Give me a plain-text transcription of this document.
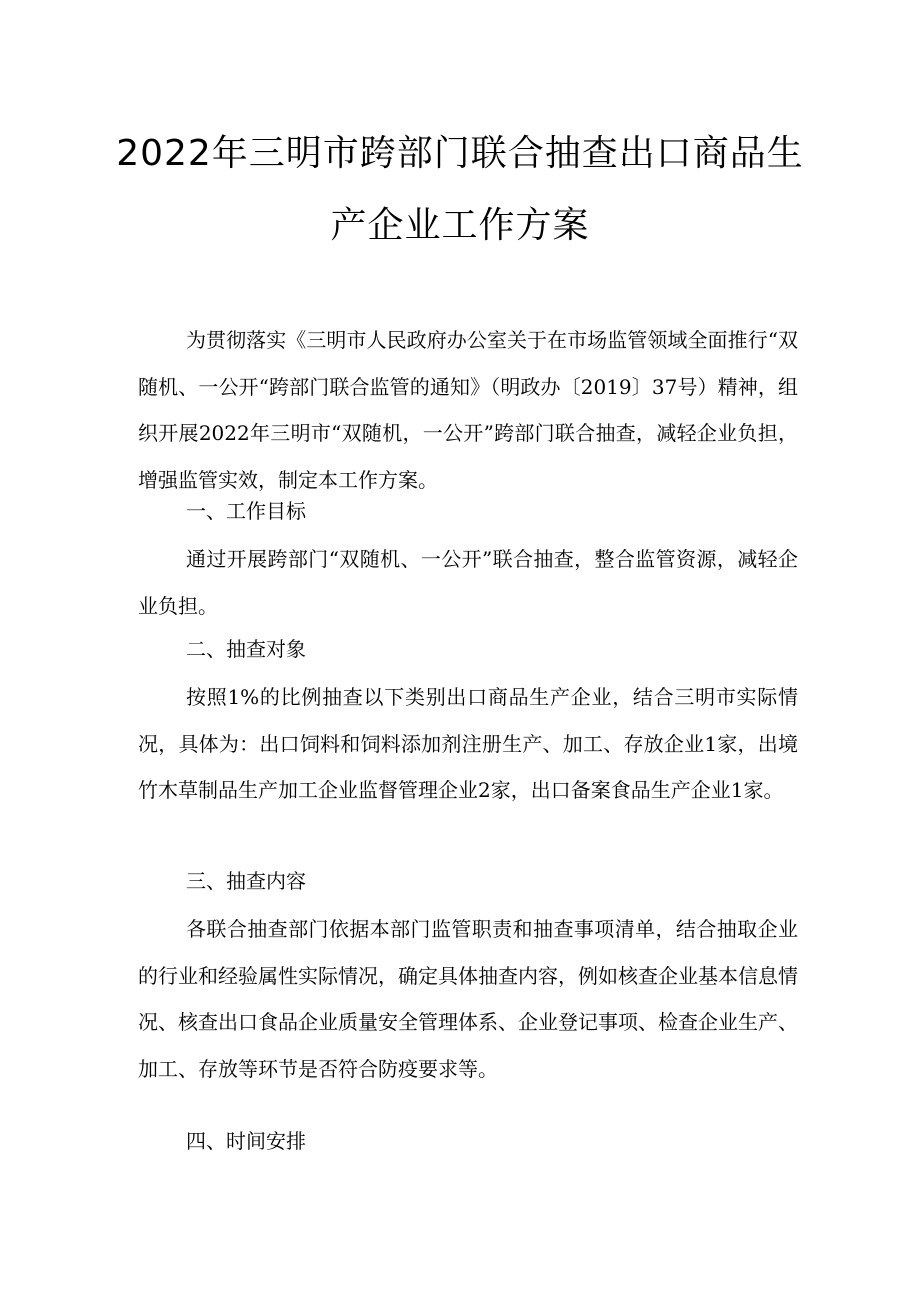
2022年三明市跨部门联合抽查出口商品生
产企业工作方案

为贯彻落实《三明市人民政府办公室关于在市场监管领域全面推行“双随机、一公开“跨部门联合监管的通知》（明政办〔2019〕37号）精神，组织开展2022年三明市“双随机，一公开”跨部门联合抽查，减轻企业负担，增强监管实效，制定本工作方案。

一、工作目标

通过开展跨部门“双随机、一公开”联合抽查，整合监管资源，减轻企业负担。

二、抽查对象

按照1%的比例抽查以下类别出口商品生产企业，结合三明市实际情况，具体为：出口饲料和饲料添加剂注册生产、加工、存放企业1家，出境竹木草制品生产加工企业监督管理企业2家，出口备案食品生产企业1家。

三、抽查内容

各联合抽查部门依据本部门监管职责和抽查事项清单，结合抽取企业的行业和经验属性实际情况，确定具体抽查内容，例如核查企业基本信息情况、核查出口食品企业质量安全管理体系、企业登记事项、检查企业生产、加工、存放等环节是否符合防疫要求等。

四、时间安排
